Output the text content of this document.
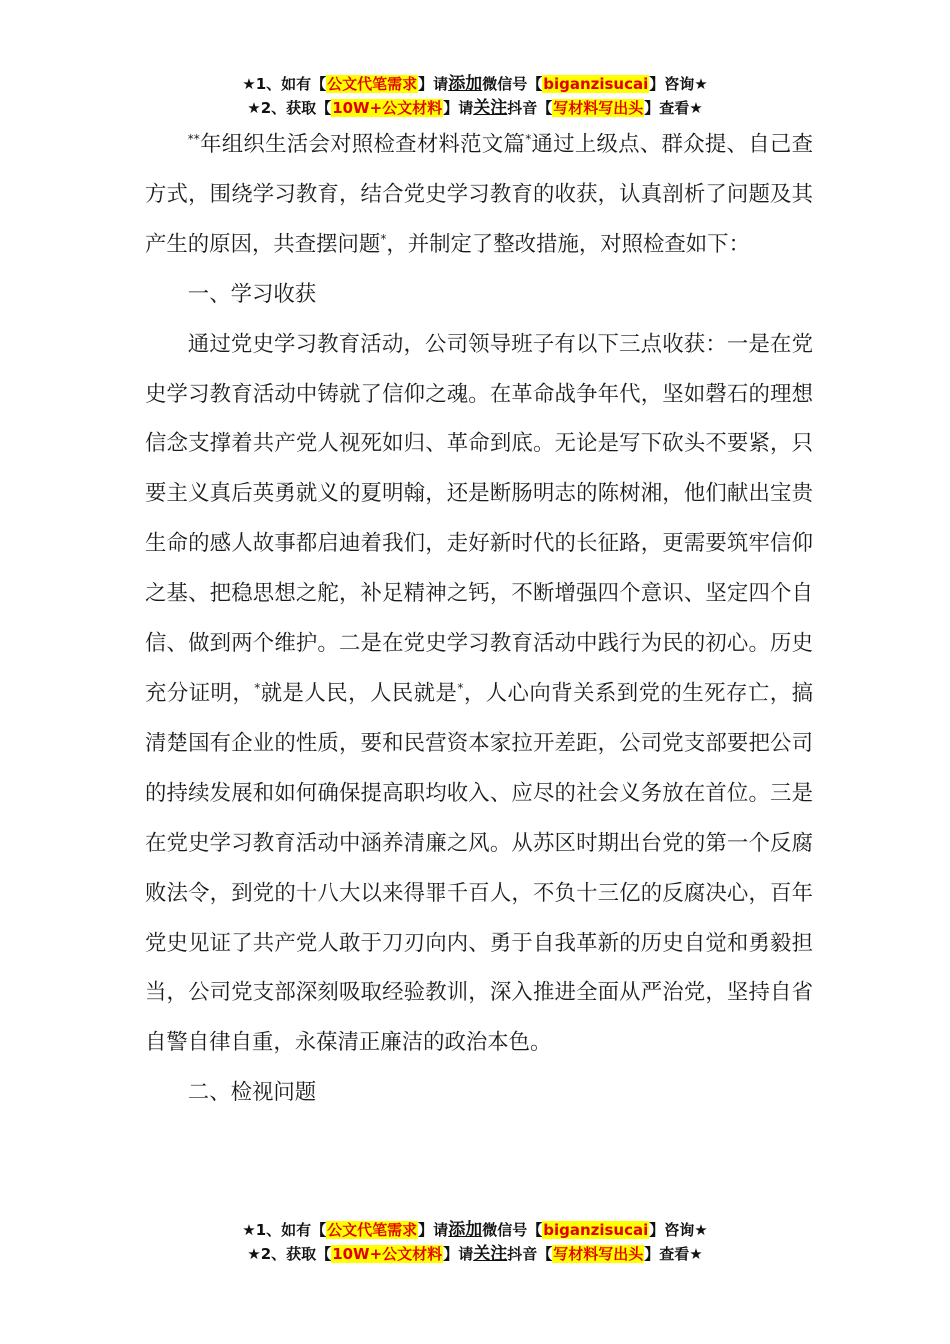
★1、如有【公文代笔需求】请添加微信号【biganzisucai】咨询★
★2、获取【10W+公文材料】请关注抖音【写材料写出头】查看★

**年组织生活会对照检查材料范文篇*通过上级点、群众提、自己查方式，围绕学习教育，结合党史学习教育的收获，认真剖析了问题及其产生的原因，共查摆问题*，并制定了整改措施，对照检查如下：

一、学习收获

通过党史学习教育活动，公司领导班子有以下三点收获：一是在党史学习教育活动中铸就了信仰之魂。在革命战争年代，坚如磬石的理想信念支撑着共产党人视死如归、革命到底。无论是写下砍头不要紧，只要主义真后英勇就义的夏明翰，还是断肠明志的陈树湘，他们献出宝贵生命的感人故事都启迪着我们，走好新时代的长征路，更需要筑牢信仰之基、把稳思想之舵，补足精神之钙，不断增强四个意识、坚定四个自信、做到两个维护。二是在党史学习教育活动中践行为民的初心。历史充分证明，*就是人民，人民就是*，人心向背关系到党的生死存亡，搞清楚国有企业的性质，要和民营资本家拉开差距，公司党支部要把公司的持续发展和如何确保提高职均收入、应尽的社会义务放在首位。三是在党史学习教育活动中涵养清廉之风。从苏区时期出台党的第一个反腐败法令，到党的十八大以来得罪千百人，不负十三亿的反腐决心，百年党史见证了共产党人敢于刀刃向内、勇于自我革新的历史自觉和勇毅担当，公司党支部深刻吸取经验教训，深入推进全面从严治党，坚持自省自警自律自重，永葆清正廉洁的政治本色。

二、检视问题

★1、如有【公文代笔需求】请添加微信号【biganzisucai】咨询★
★2、获取【10W+公文材料】请关注抖音【写材料写出头】查看★
